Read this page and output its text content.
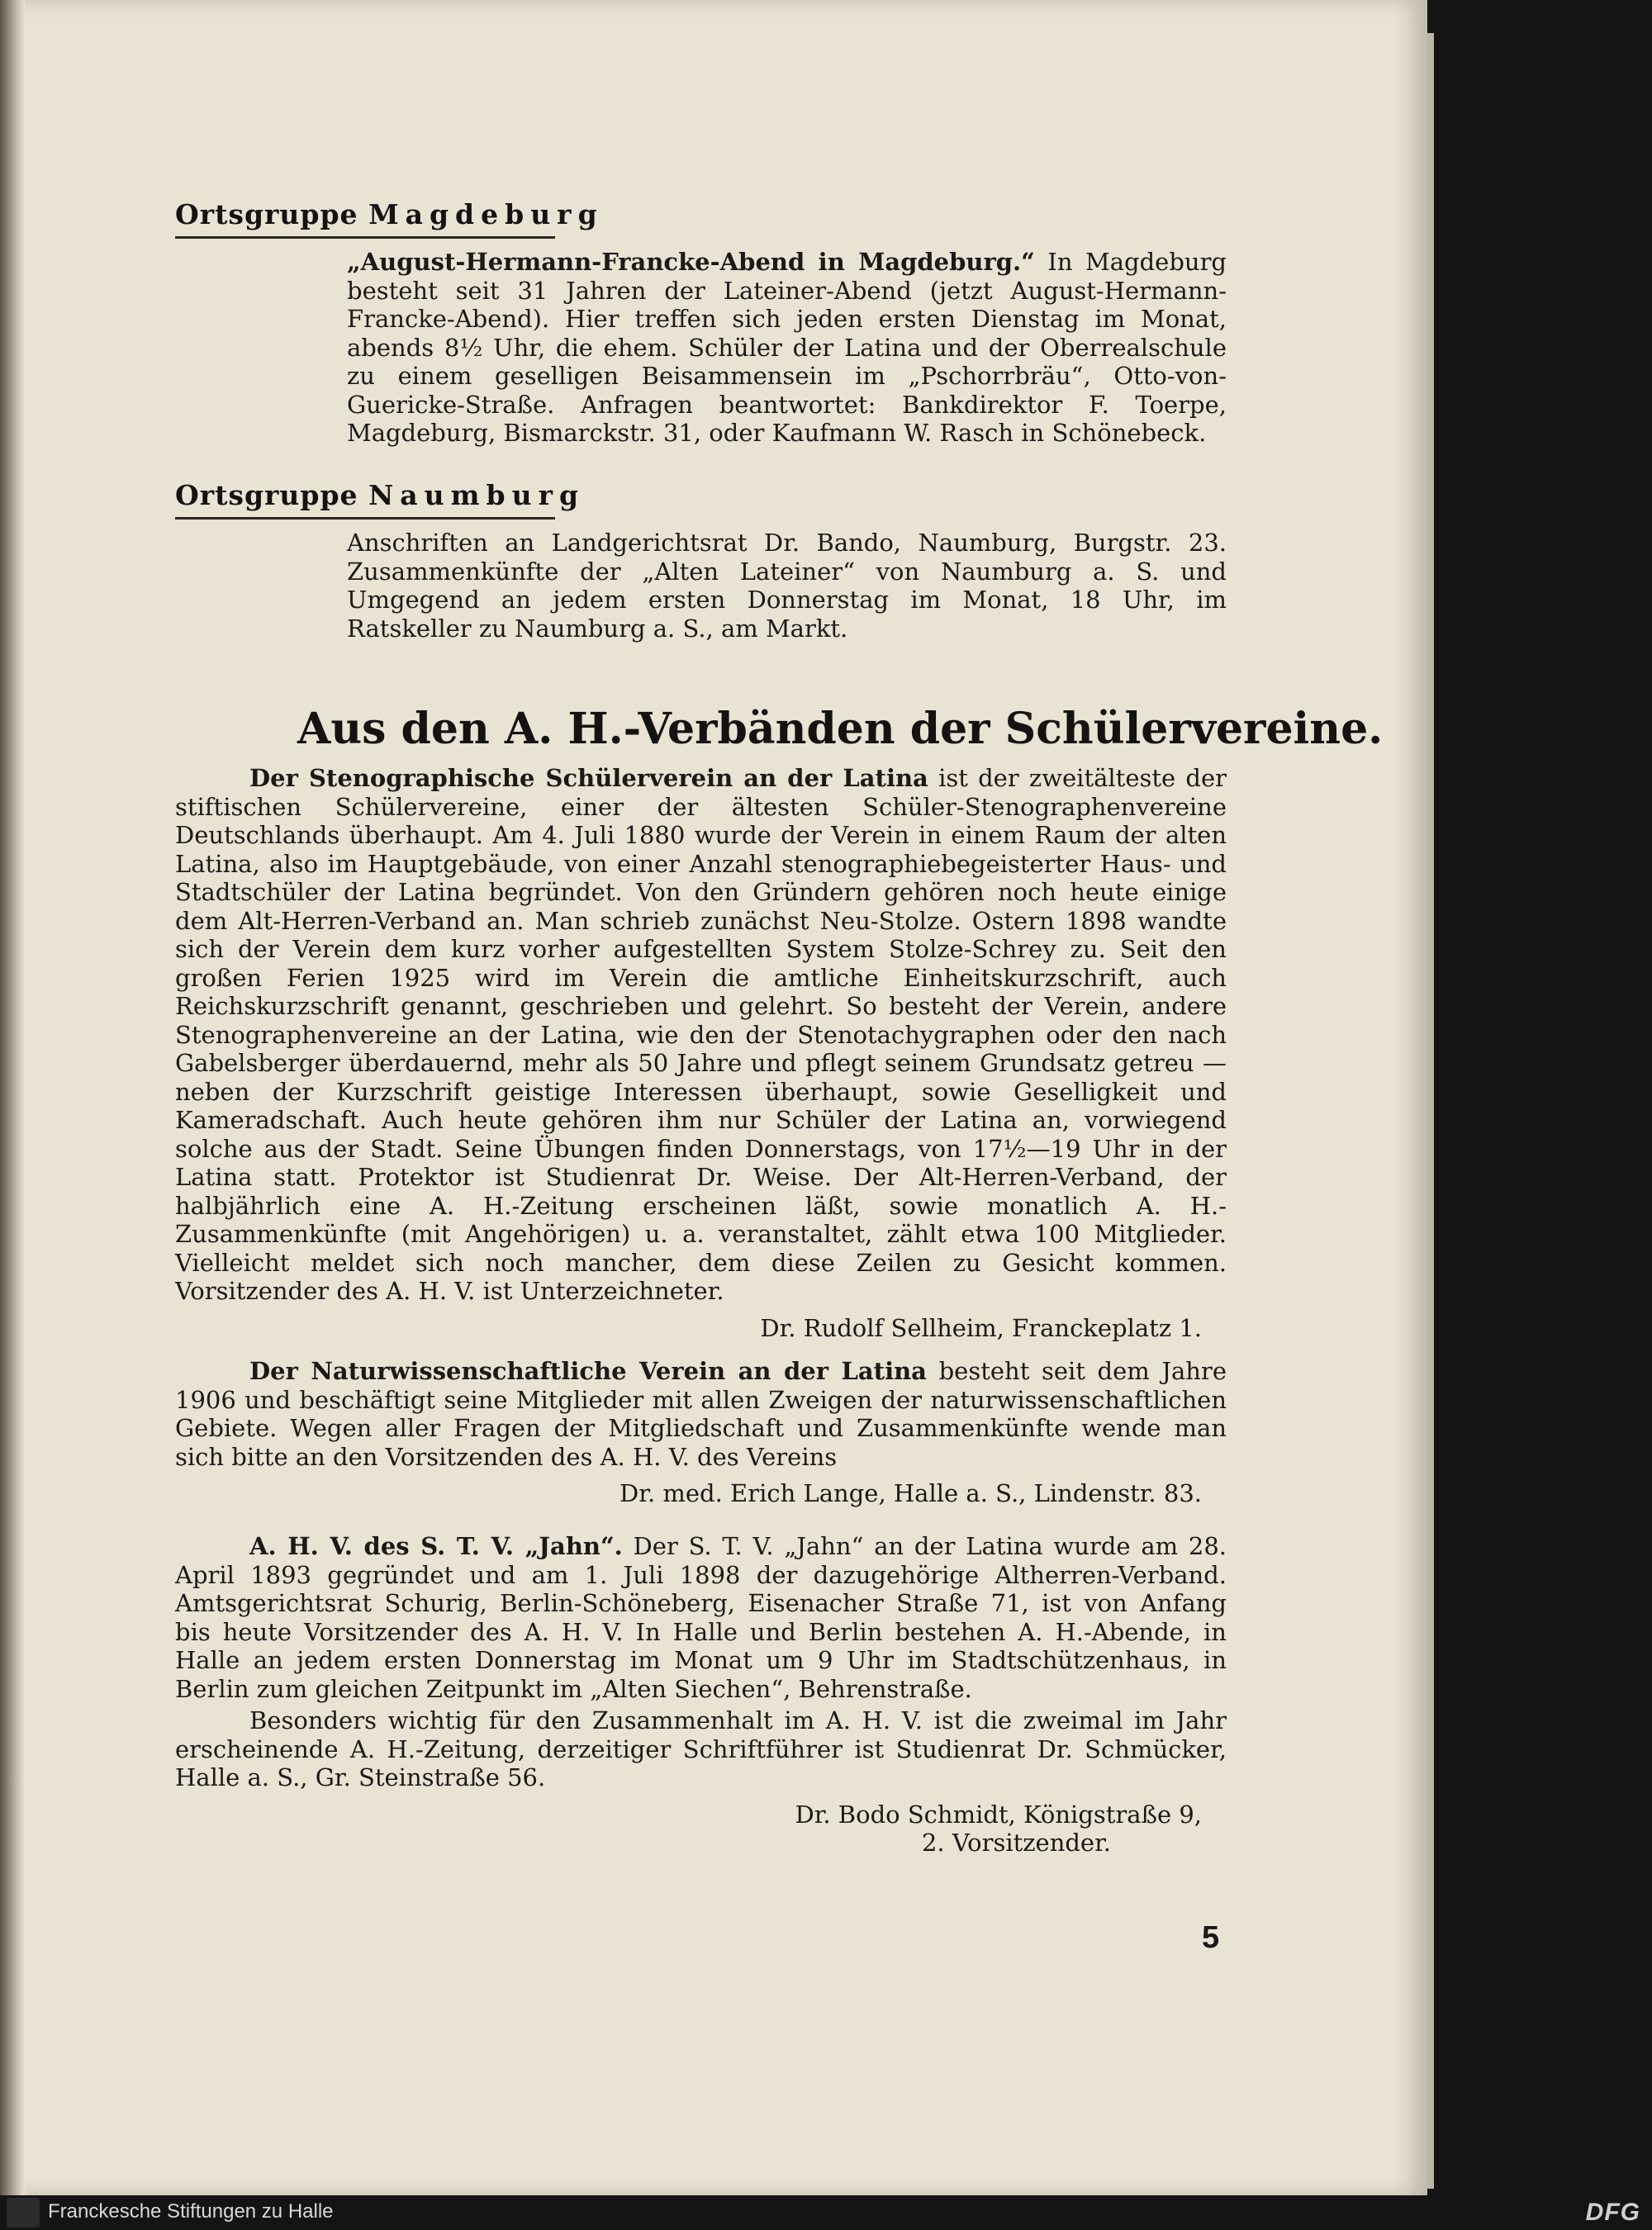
Ortsgruppe Magdeburg

„August-Hermann-Francke-Abend in Magdeburg.“ In Magdeburg besteht seit 31 Jahren der Lateiner-Abend (jetzt August-Hermann-Francke-Abend). Hier treffen sich jeden ersten Dienstag im Monat, abends 8½ Uhr, die ehem. Schüler der Latina und der Oberrealschule zu einem geselligen Beisammensein im „Pschorrbräu“, Otto-von-Guericke-Straße. Anfragen beantwortet: Bankdirektor F. Toerpe, Magdeburg, Bismarckstr. 31, oder Kaufmann W. Rasch in Schönebeck.

Ortsgruppe Naumburg

Anschriften an Landgerichtsrat Dr. Bando, Naumburg, Burgstr. 23. Zusammenkünfte der „Alten Lateiner“ von Naumburg a. S. und Umgegend an jedem ersten Donnerstag im Monat, 18 Uhr, im Ratskeller zu Naumburg a. S., am Markt.

Aus den A. H.-Verbänden der Schülervereine.

Der Stenographische Schülerverein an der Latina ist der zweitälteste der stiftischen Schülervereine, einer der ältesten Schüler-Stenographenvereine Deutschlands überhaupt. Am 4. Juli 1880 wurde der Verein in einem Raum der alten Latina, also im Hauptgebäude, von einer Anzahl stenographiebegeisterter Haus- und Stadtschüler der Latina begründet. Von den Gründern gehören noch heute einige dem Alt-Herren-Verband an. Man schrieb zunächst Neu-Stolze. Ostern 1898 wandte sich der Verein dem kurz vorher aufgestellten System Stolze-Schrey zu. Seit den großen Ferien 1925 wird im Verein die amtliche Einheitskurzschrift, auch Reichskurzschrift genannt, geschrieben und gelehrt. So besteht der Verein, andere Stenographenvereine an der Latina, wie den der Stenotachygraphen oder den nach Gabelsberger überdauernd, mehr als 50 Jahre und pflegt seinem Grundsatz getreu — neben der Kurzschrift geistige Interessen überhaupt, sowie Geselligkeit und Kameradschaft. Auch heute gehören ihm nur Schüler der Latina an, vorwiegend solche aus der Stadt. Seine Übungen finden Donnerstags, von 17½—19 Uhr in der Latina statt. Protektor ist Studienrat Dr. Weise. Der Alt-Herren-Verband, der halbjährlich eine A. H.-Zeitung erscheinen läßt, sowie monatlich A. H.-Zusammenkünfte (mit Angehörigen) u. a. veranstaltet, zählt etwa 100 Mitglieder. Vielleicht meldet sich noch mancher, dem diese Zeilen zu Gesicht kommen. Vorsitzender des A. H. V. ist Unterzeichneter.

Dr. Rudolf Sellheim, Franckeplatz 1.

Der Naturwissenschaftliche Verein an der Latina besteht seit dem Jahre 1906 und beschäftigt seine Mitglieder mit allen Zweigen der naturwissenschaftlichen Gebiete. Wegen aller Fragen der Mitgliedschaft und Zusammenkünfte wende man sich bitte an den Vorsitzenden des A. H. V. des Vereins

Dr. med. Erich Lange, Halle a. S., Lindenstr. 83.

A. H. V. des S. T. V. „Jahn“. Der S. T. V. „Jahn“ an der Latina wurde am 28. April 1893 gegründet und am 1. Juli 1898 der dazugehörige Altherren-Verband. Amtsgerichtsrat Schurig, Berlin-Schöneberg, Eisenacher Straße 71, ist von Anfang bis heute Vorsitzender des A. H. V. In Halle und Berlin bestehen A. H.-Abende, in Halle an jedem ersten Donnerstag im Monat um 9 Uhr im Stadtschützenhaus, in Berlin zum gleichen Zeitpunkt im „Alten Siechen“, Behrenstraße.

Besonders wichtig für den Zusammenhalt im A. H. V. ist die zweimal im Jahr erscheinende A. H.-Zeitung, derzeitiger Schriftführer ist Studienrat Dr. Schmücker, Halle a. S., Gr. Steinstraße 56.

Dr. Bodo Schmidt, Königstraße 9,

2. Vorsitzender.

5
Franckesche Stiftungen zu Halle	DFG
